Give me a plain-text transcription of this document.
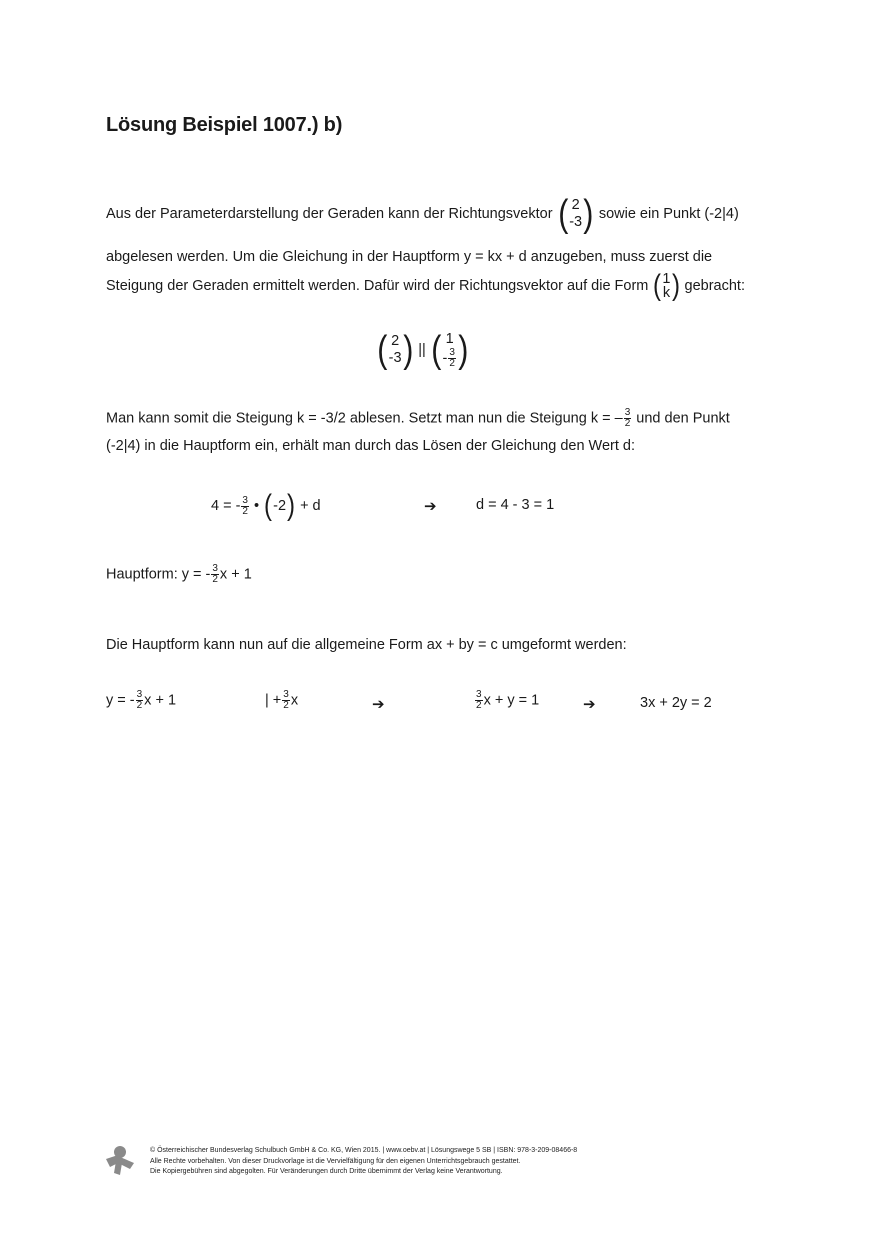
Lösung Beispiel 1007.) b)
Aus der Parameterdarstellung der Geraden kann der Richtungsvektor ( 2
-3 ) sowie ein Punkt (-2|4)
abgelesen werden. Um die Gleichung in der Hauptform y = kx + d anzugeben, muss zuerst die
Steigung der Geraden ermittelt werden. Dafür wird der Richtungsvektor auf die Form ( 1
k ) gebracht:
( 2
-3 ) || ( 1
- $\frac{3}{2}$ )
Man kann somit die Steigung k = -3/2 ablesen. Setzt man nun die Steigung k = – $\frac{3}{2}$ und den Punkt
(-2|4) in die Hauptform ein, erhält man durch das Lösen der Gleichung den Wert d:
4 = - $\frac{3}{2}$ • (-2) + d	➔	d = 4 - 3 = 1
Hauptform: y = - $\frac{3}{2}$ x + 1
Die Hauptform kann nun auf die allgemeine Form ax + by = c umgeformt werden:
y = - $\frac{3}{2}$ x + 1	| + $\frac{3}{2}$ x	➔	$\frac{3}{2}$ x + y = 1	➔	3x + 2y = 2
© Österreichischer Bundesverlag Schulbuch GmbH & Co. KG, Wien 2015. | www.oebv.at | Lösungswege 5 SB | ISBN: 978-3-209-08466-8
Alle Rechte vorbehalten. Von dieser Druckvorlage ist die Vervielfältigung für den eigenen Unterrichtsgebrauch gestattet.
Die Kopiergebühren sind abgegolten. Für Veränderungen durch Dritte übernimmt der Verlag keine Verantwortung.
